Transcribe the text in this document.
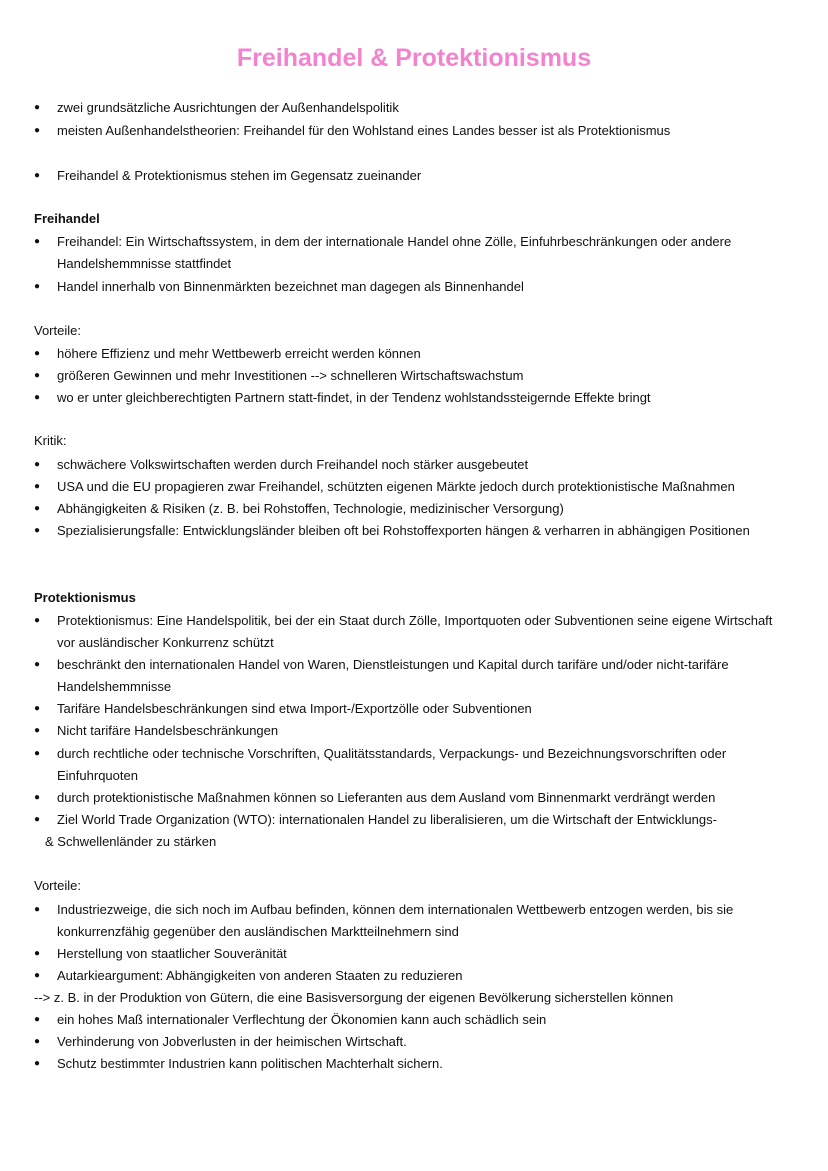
Freihandel & Protektionismus
● zwei grundsätzliche Ausrichtungen der Außenhandelspolitik
● meisten Außenhandelstheorien: Freihandel für den Wohlstand eines Landes besser ist als Protektionismus
● Freihandel & Protektionismus stehen im Gegensatz zueinander
Freihandel
● Freihandel: Ein Wirtschaftssystem, in dem der internationale Handel ohne Zölle, Einfuhrbeschränkungen oder andere Handelshemmnisse stattfindet
● Handel innerhalb von Binnenmärkten bezeichnet man dagegen als Binnenhandel
Vorteile:
● höhere Effizienz und mehr Wettbewerb erreicht werden können
● größeren Gewinnen und mehr Investitionen --> schnelleren Wirtschaftswachstum
● wo er unter gleichberechtigten Partnern statt-findet, in der Tendenz wohlstandssteigernde Effekte bringt
Kritik:
● schwächere Volkswirtschaften werden durch Freihandel noch stärker ausgebeutet
● USA und die EU propagieren zwar Freihandel, schützten eigenen Märkte jedoch durch protektionistische Maßnahmen
● Abhängigkeiten & Risiken (z. B. bei Rohstoffen, Technologie, medizinischer Versorgung)
● Spezialisierungsfalle: Entwicklungsländer bleiben oft bei Rohstoffexporten hängen & verharren in abhängigen Positionen
Protektionismus
● Protektionismus: Eine Handelspolitik, bei der ein Staat durch Zölle, Importquoten oder Subventionen seine eigene Wirtschaft vor ausländischer Konkurrenz schützt
● beschränkt den internationalen Handel von Waren, Dienstleistungen und Kapital durch tarifäre und/oder nicht-tarifäre Handelshemmnisse
● Tarifäre Handelsbeschränkungen sind etwa Import-/Exportzölle oder Subventionen
● Nicht tarifäre Handelsbeschränkungen
● durch rechtliche oder technische Vorschriften, Qualitätsstandards, Verpackungs- und Bezeichnungsvorschriften oder Einfuhrquoten
● durch protektionistische Maßnahmen können so Lieferanten aus dem Ausland vom Binnenmarkt verdrängt werden
● Ziel World Trade Organization (WTO): internationalen Handel zu liberalisieren, um die Wirtschaft der Entwicklungs-
& Schwellenländer zu stärken
Vorteile:
● Industriezweige, die sich noch im Aufbau befinden, können dem internationalen Wettbewerb entzogen werden, bis sie konkurrenzfähig gegenüber den ausländischen Marktteilnehmern sind
● Herstellung von staatlicher Souveränität
● Autarkieargument: Abhängigkeiten von anderen Staaten zu reduzieren
--> z. B. in der Produktion von Gütern, die eine Basisversorgung der eigenen Bevölkerung sicherstellen können
● ein hohes Maß internationaler Verflechtung der Ökonomien kann auch schädlich sein
● Verhinderung von Jobverlusten in der heimischen Wirtschaft.
● Schutz bestimmter Industrien kann politischen Machterhalt sichern.
